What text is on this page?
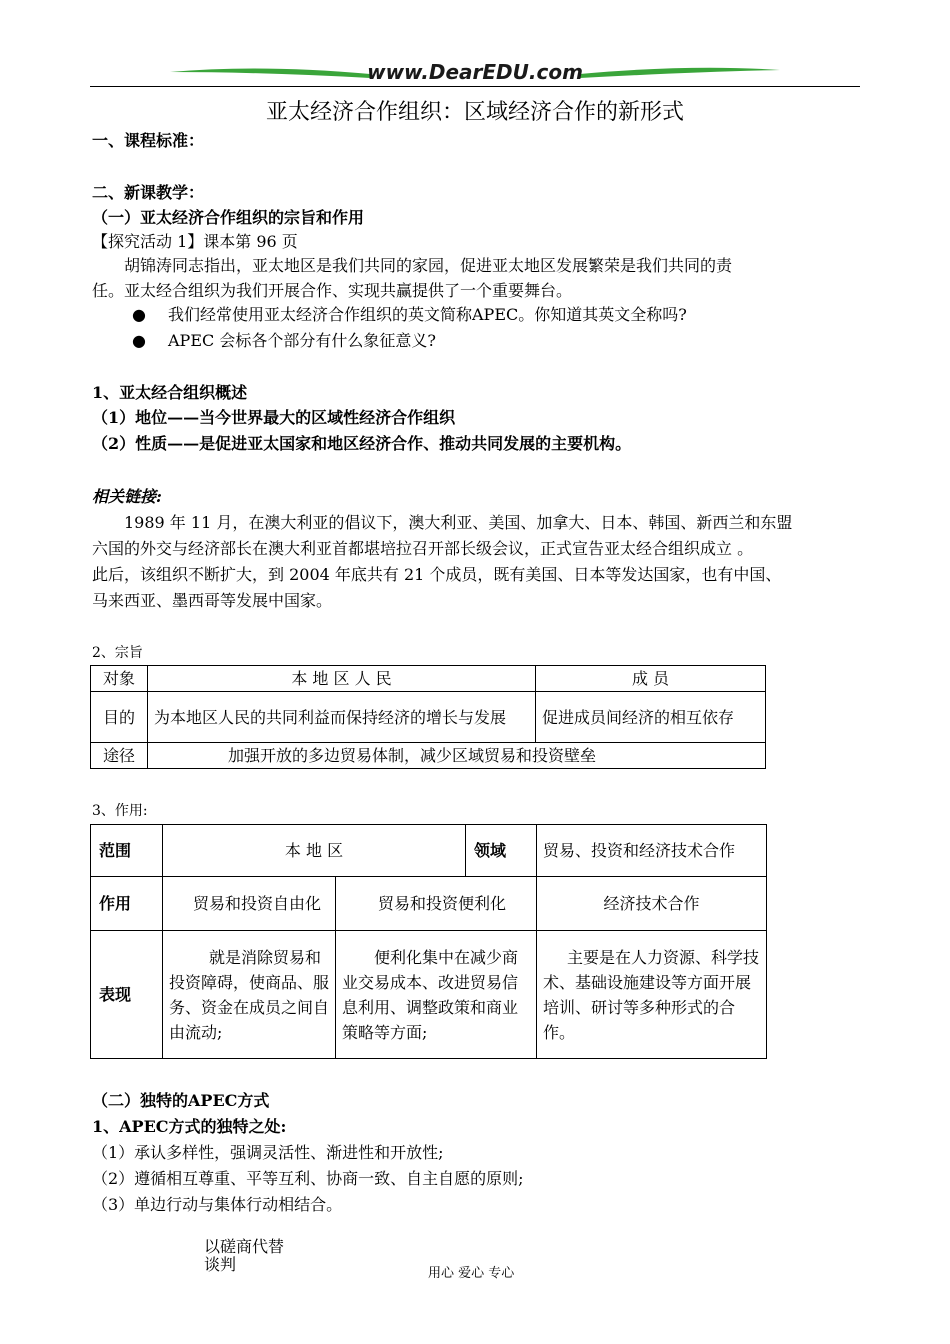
www.DearEDU.com
亚太经济合作组织：区域经济合作的新形式
一、课程标准：
二、新课教学：
（一）亚太经济合作组织的宗旨和作用
【探究活动 1】课本第 96 页
胡锦涛同志指出，亚太地区是我们共同的家园，促进亚太地区发展繁荣是我们共同的责
任。亚太经合组织为我们开展合作、实现共赢提供了一个重要舞台。
● 我们经常使用亚太经济合作组织的英文简称APEC。你知道其英文全称吗?
● APEC 会标各个部分有什么象征意义?
1、亚太经合组织概述
（1）地位——当今世界最大的区域性经济合作组织
（2）性质——是促进亚太国家和地区经济合作、推动共同发展的主要机构。
相关链接:
1989 年 11 月，在澳大利亚的倡议下，澳大利亚、美国、加拿大、日本、韩国、新西兰和东盟
六国的外交与经济部长在澳大利亚首都堪培拉召开部长级会议，正式宣告亚太经合组织成立 。
此后，该组织不断扩大，到 2004 年底共有 21 个成员，既有美国、日本等发达国家，也有中国、
马来西亚、墨西哥等发展中国家。
2、宗旨
对象	本 地 区 人 民	成 员
目的	为本地区人民的共同利益而保持经济的增长与发展	促进成员间经济的相互依存
途径	加强开放的多边贸易体制，减少区域贸易和投资壁垒	
3、作用:
范围	本 地 区		领域	贸易、投资和经济技术合作
作用	贸易和投资自由化	贸易和投资便利化		经济技术合作
表现	就是消除贸易和投资障碍，使商品、服务、资金在成员之间自由流动;	便利化集中在减少商业交易成本、改进贸易信息利用、调整政策和商业策略等方面;		主要是在人力资源、科学技术、基础设施建设等方面开展培训、研讨等多种形式的合作。
（二）独特的APEC方式
1、APEC方式的独特之处:
（1）承认多样性，强调灵活性、渐进性和开放性;
（2）遵循相互尊重、平等互利、协商一致、自主自愿的原则;
（3）单边行动与集体行动相结合。
以磋商代替
谈判	用心 爱心 专心
